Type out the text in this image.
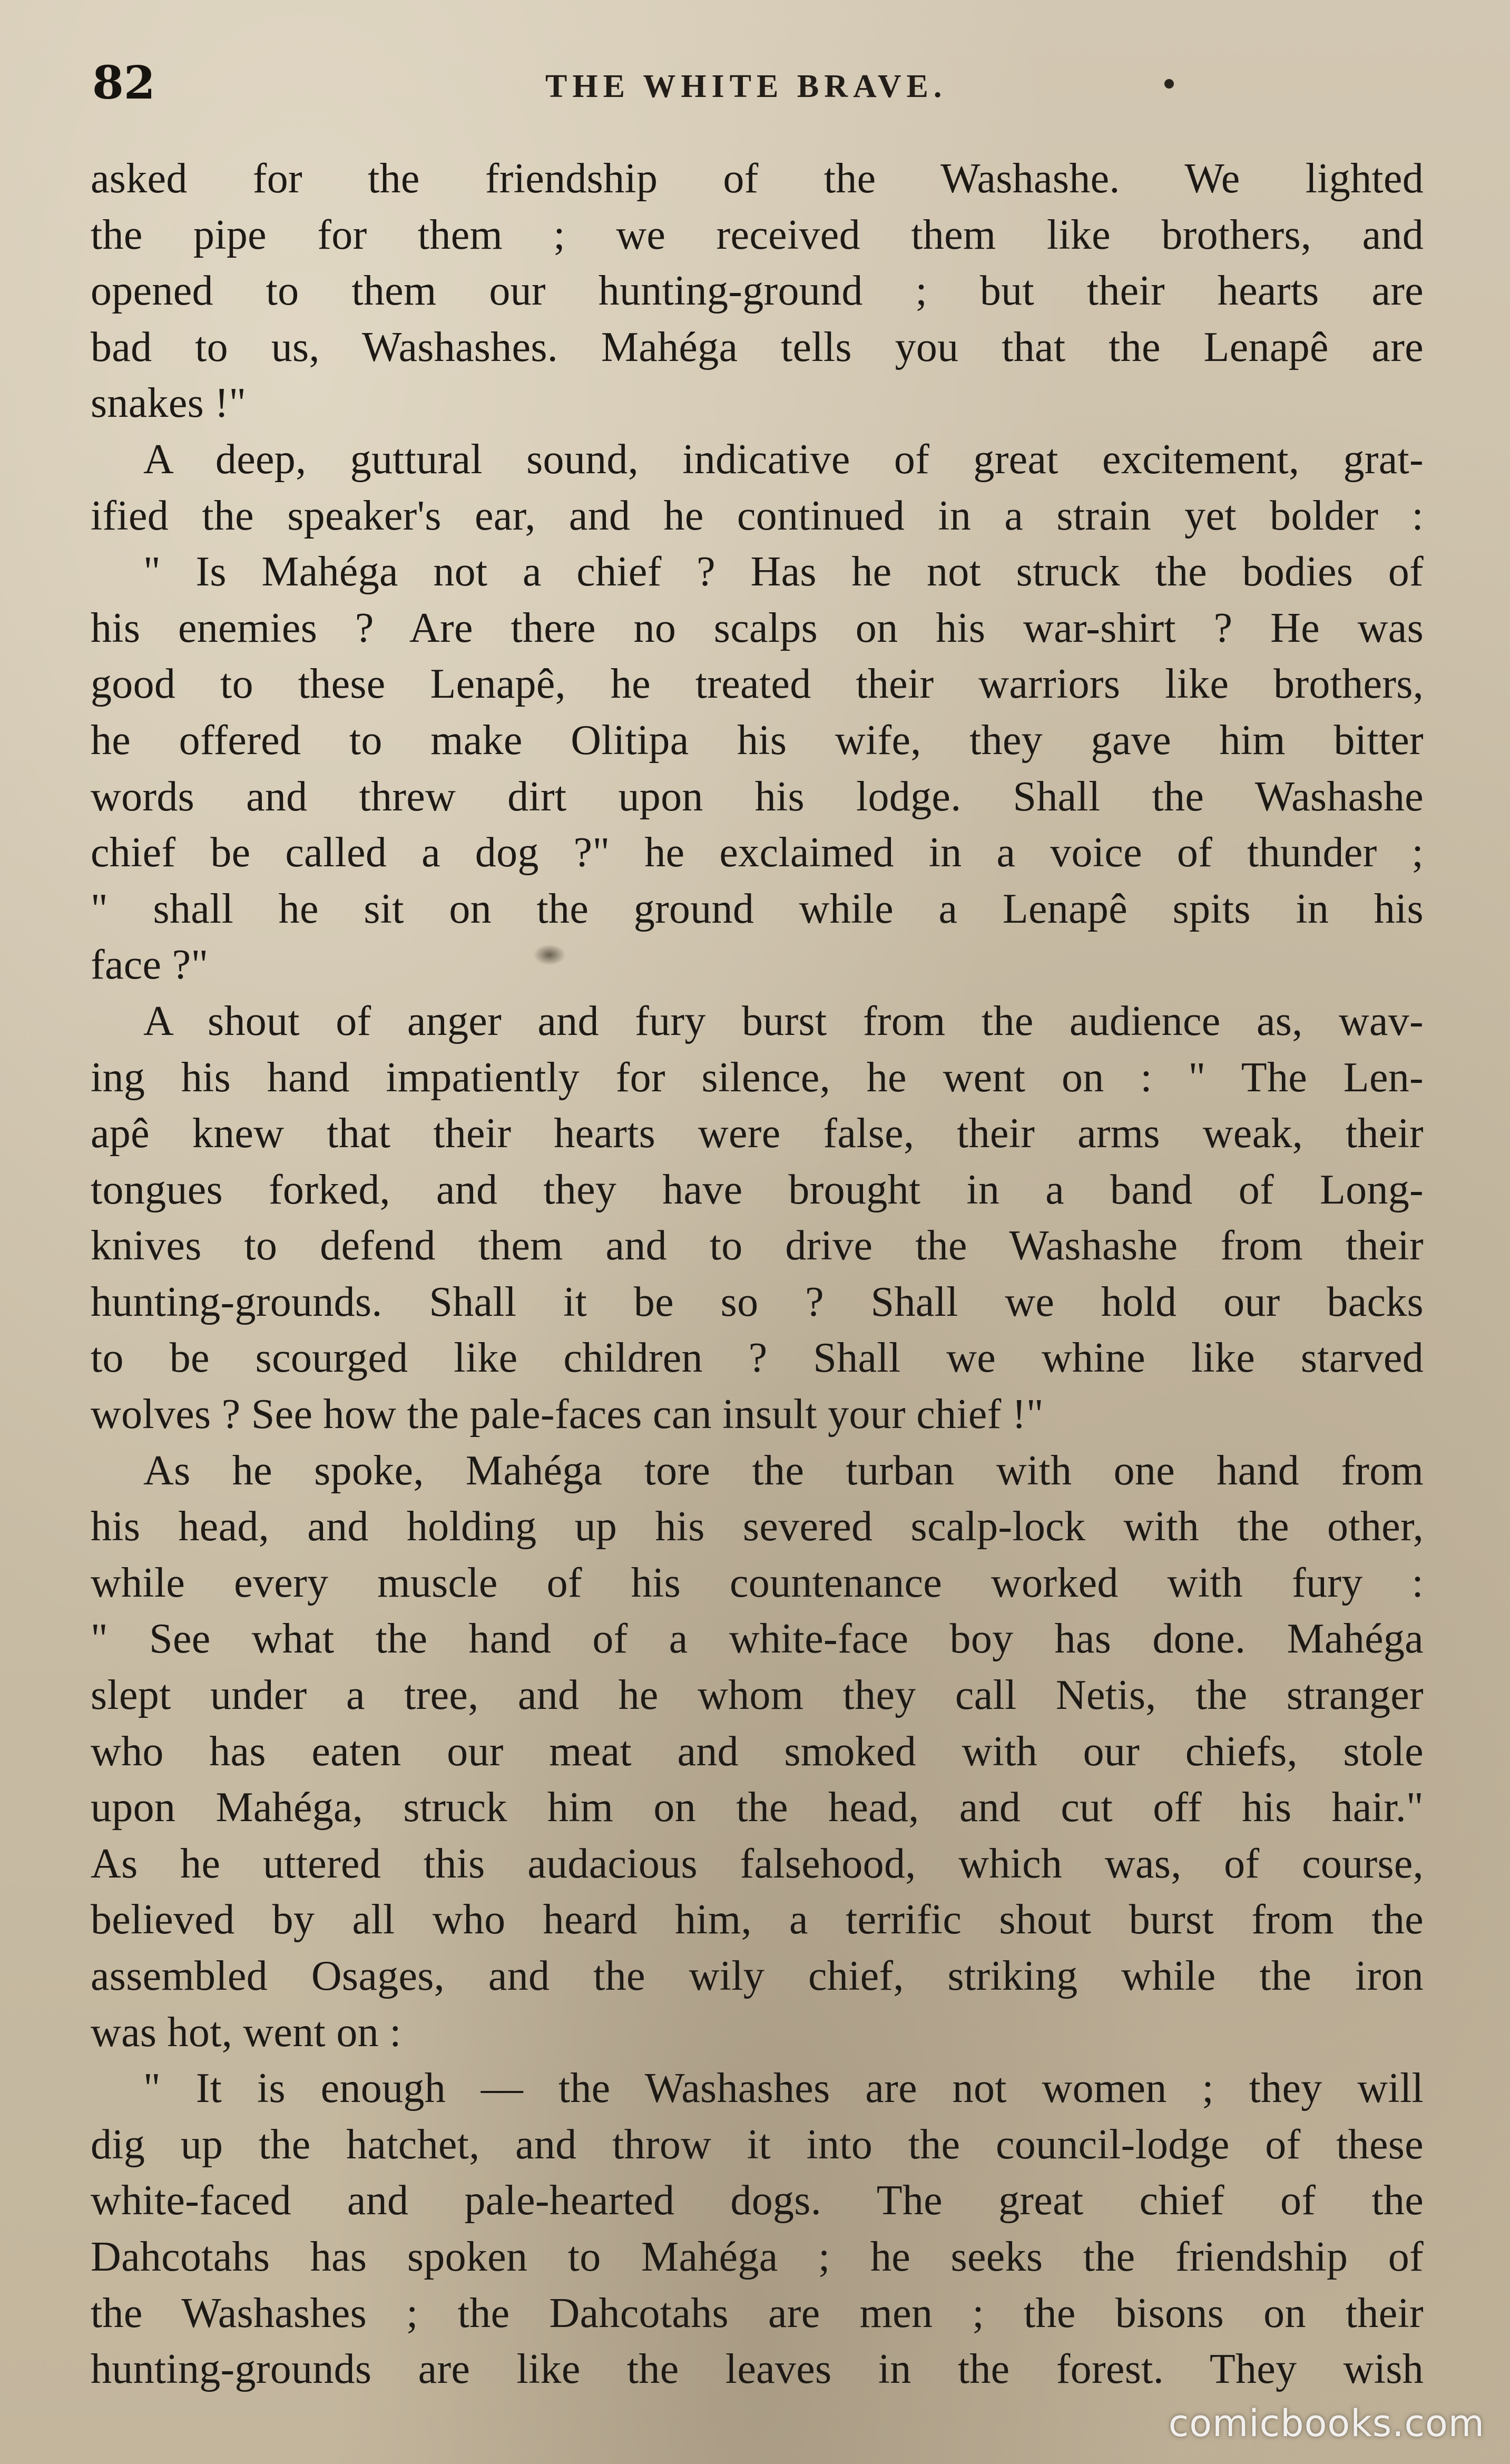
82	THE WHITE BRAVE.
asked for the friendship of the Washashe. We lighted
the pipe for them ; we received them like brothers, and
opened to them our hunting-ground ; but their hearts are
bad to us, Washashes. Mahéga tells you that the Lenapê are
snakes !"
A deep, guttural sound, indicative of great excitement, grat-
ified the speaker's ear, and he continued in a strain yet bolder :
" Is Mahéga not a chief ? Has he not struck the bodies of
his enemies ? Are there no scalps on his war-shirt ? He was
good to these Lenapê, he treated their warriors like brothers,
he offered to make Olitipa his wife, they gave him bitter
words and threw dirt upon his lodge. Shall the Washashe
chief be called a dog ?" he exclaimed in a voice of thunder ;
" shall he sit on the ground while a Lenapê spits in his
face ?"
A shout of anger and fury burst from the audience as, wav-
ing his hand impatiently for silence, he went on : " The Len-
apê knew that their hearts were false, their arms weak, their
tongues forked, and they have brought in a band of Long-
knives to defend them and to drive the Washashe from their
hunting-grounds. Shall it be so ? Shall we hold our backs
to be scourged like children ? Shall we whine like starved
wolves ? See how the pale-faces can insult your chief !"
As he spoke, Mahéga tore the turban with one hand from
his head, and holding up his severed scalp-lock with the other,
while every muscle of his countenance worked with fury :
" See what the hand of a white-face boy has done. Mahéga
slept under a tree, and he whom they call Netis, the stranger
who has eaten our meat and smoked with our chiefs, stole
upon Mahéga, struck him on the head, and cut off his hair."
As he uttered this audacious falsehood, which was, of course,
believed by all who heard him, a terrific shout burst from the
assembled Osages, and the wily chief, striking while the iron
was hot, went on :
" It is enough — the Washashes are not women ; they will
dig up the hatchet, and throw it into the council-lodge of these
white-faced and pale-hearted dogs. The great chief of the
Dahcotahs has spoken to Mahéga ; he seeks the friendship of
the Washashes ; the Dahcotahs are men ; the bisons on their
hunting-grounds are like the leaves in the forest. They wish
comicbooks.com
